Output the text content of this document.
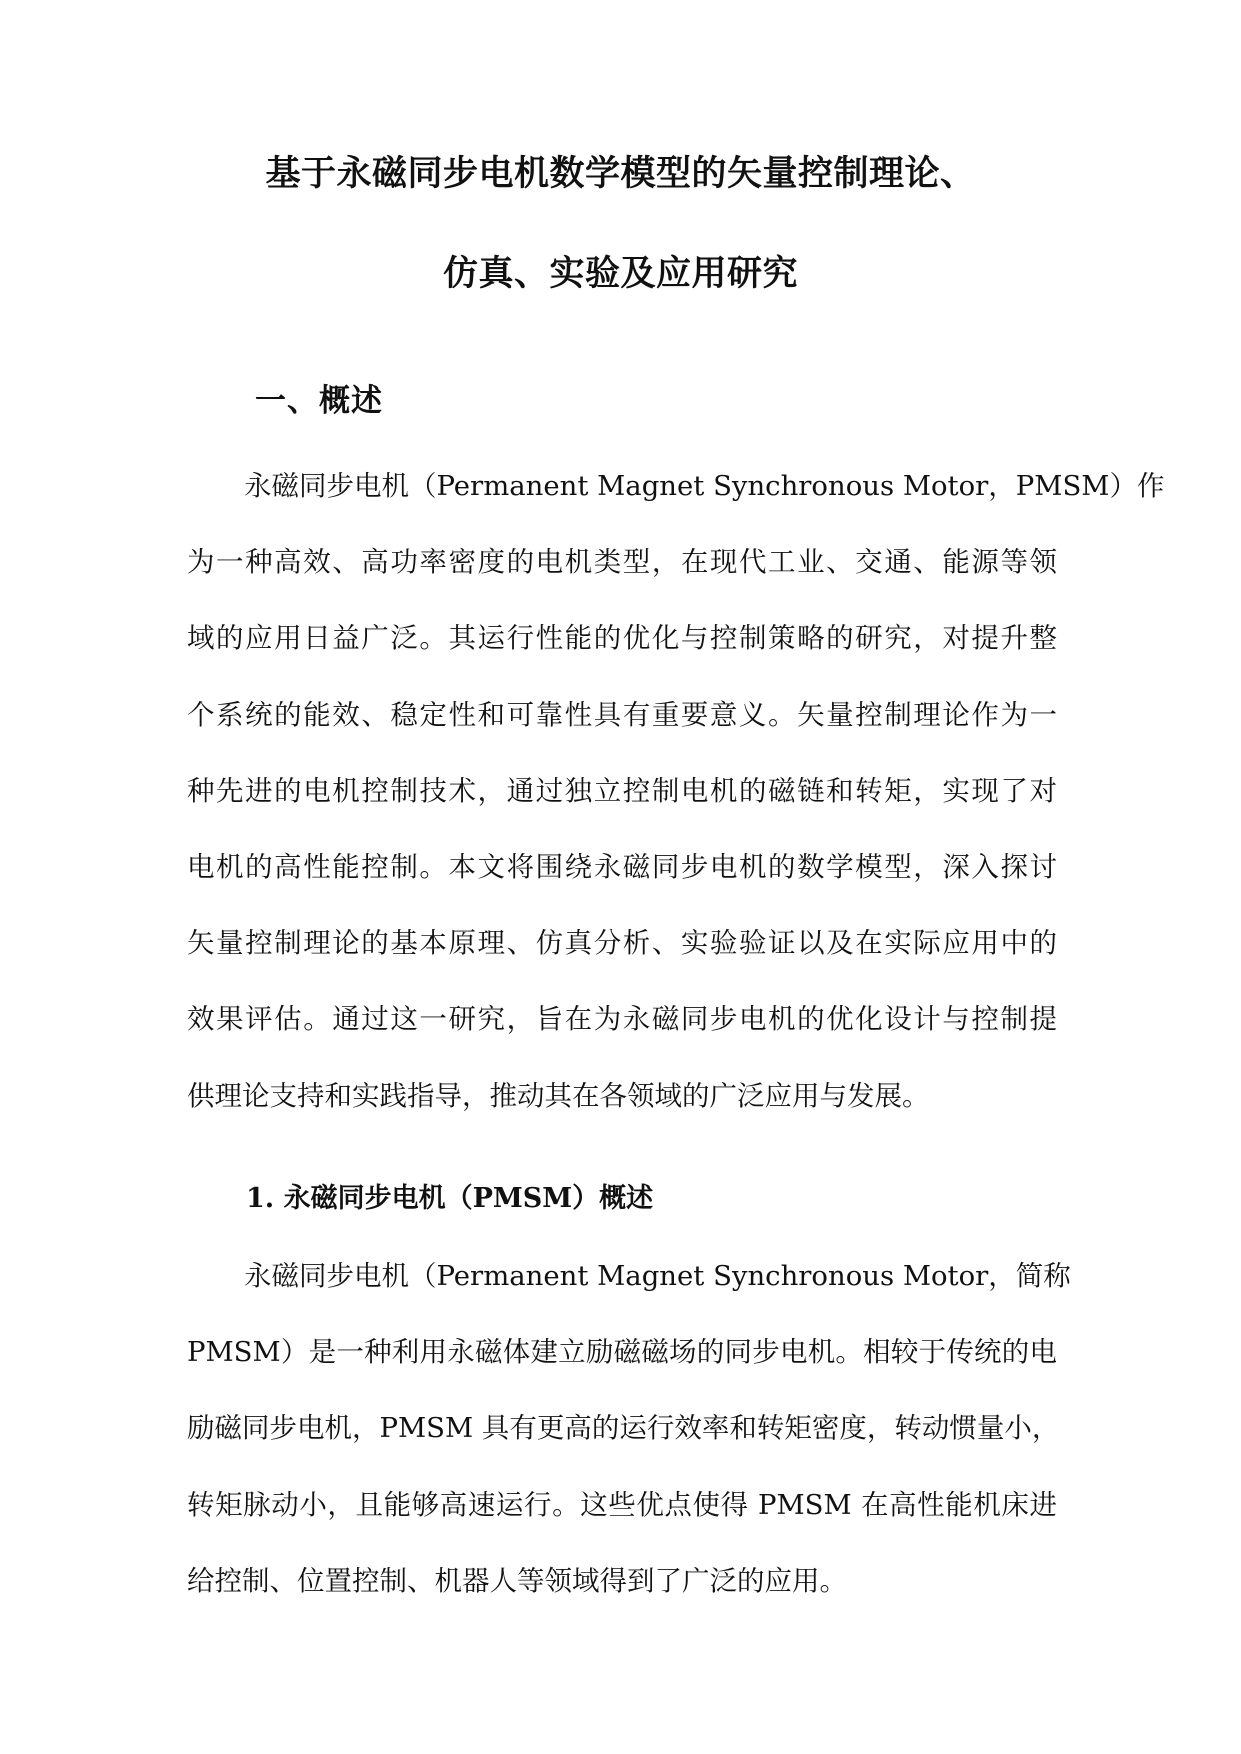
基于永磁同步电机数学模型的矢量控制理论、
仿真、实验及应用研究
一、概述
永磁同步电机（Permanent Magnet Synchronous Motor，PMSM）作
为一种高效、高功率密度的电机类型，在现代工业、交通、能源等领
域的应用日益广泛。其运行性能的优化与控制策略的研究，对提升整
个系统的能效、稳定性和可靠性具有重要意义。矢量控制理论作为一
种先进的电机控制技术，通过独立控制电机的磁链和转矩，实现了对
电机的高性能控制。本文将围绕永磁同步电机的数学模型，深入探讨
矢量控制理论的基本原理、仿真分析、实验验证以及在实际应用中的
效果评估。通过这一研究，旨在为永磁同步电机的优化设计与控制提
供理论支持和实践指导，推动其在各领域的广泛应用与发展。
1. 永磁同步电机（PMSM）概述
永磁同步电机（Permanent Magnet Synchronous Motor，简称
PMSM）是一种利用永磁体建立励磁磁场的同步电机。相较于传统的电
励磁同步电机，PMSM 具有更高的运行效率和转矩密度，转动惯量小，
转矩脉动小，且能够高速运行。这些优点使得 PMSM 在高性能机床进
给控制、位置控制、机器人等领域得到了广泛的应用。
